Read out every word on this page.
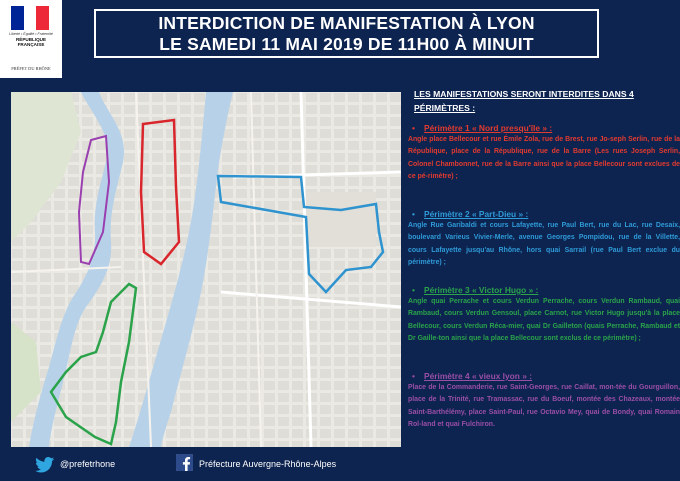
Liberté • Égalité • Fraternité
RÉPUBLIQUE FRANÇAISE
PRÉFET DU RHÔNE
INTERDICTION DE MANIFESTATION À LYON
LE SAMEDI 11 MAI 2019 DE 11H00 À MINUIT
LES MANIFESTATIONS SERONT INTERDITES DANS 4 PÉRIMÈTRES :
• Périmètre 1 « Nord presqu'île » :
Angle place Bellecour et rue Émile Zola, rue de Brest, rue Jo-seph Serlin, rue de la République, place de la République, rue de la Barre (Les rues Joseph Serlin, Colonel Chambonnet, rue de la Barre ainsi que la place Bellecour sont exclues de ce pé-rimètre) ;
• Périmètre 2 « Part-Dieu » :
Angle Rue Garibaldi et cours Lafayette, rue Paul Bert, rue du Lac, rue Desaix, boulevard Varieus Vivier-Merle, avenue Georges Pompidou, rue de la Villette, cours Lafayette jusqu'au Rhône, hors quai Sarrail (rue Paul Bert exclue du périmètre) ;
• Périmètre 3 « Victor Hugo » :
Angle quai Perrache et cours Verdun Perrache, cours Verdun Rambaud, quai Rambaud, cours Verdun Gensoul, place Carnot, rue Victor Hugo jusqu'à la place Bellecour, cours Verdun Réca-mier, quai Dr Gailleton (quais Perrache, Rambaud et Dr Gaille-ton ainsi que la place Bellecour sont exclus de ce périmètre) ;
• Périmètre 4 « vieux lyon » :
Place de la Commanderie, rue Saint-Georges, rue Caillat, mon-tée du Gourguillon, place de la Trinité, rue Tramassac, rue du Boeuf, montée des Chazeaux, montée Saint-Barthélémy, place Saint-Paul, rue Octavio Mey, quai de Bondy, quai Romain Rol-land et quai Fulchiron.
@prefetrhone	Préfecture Auvergne-Rhône-Alpes
